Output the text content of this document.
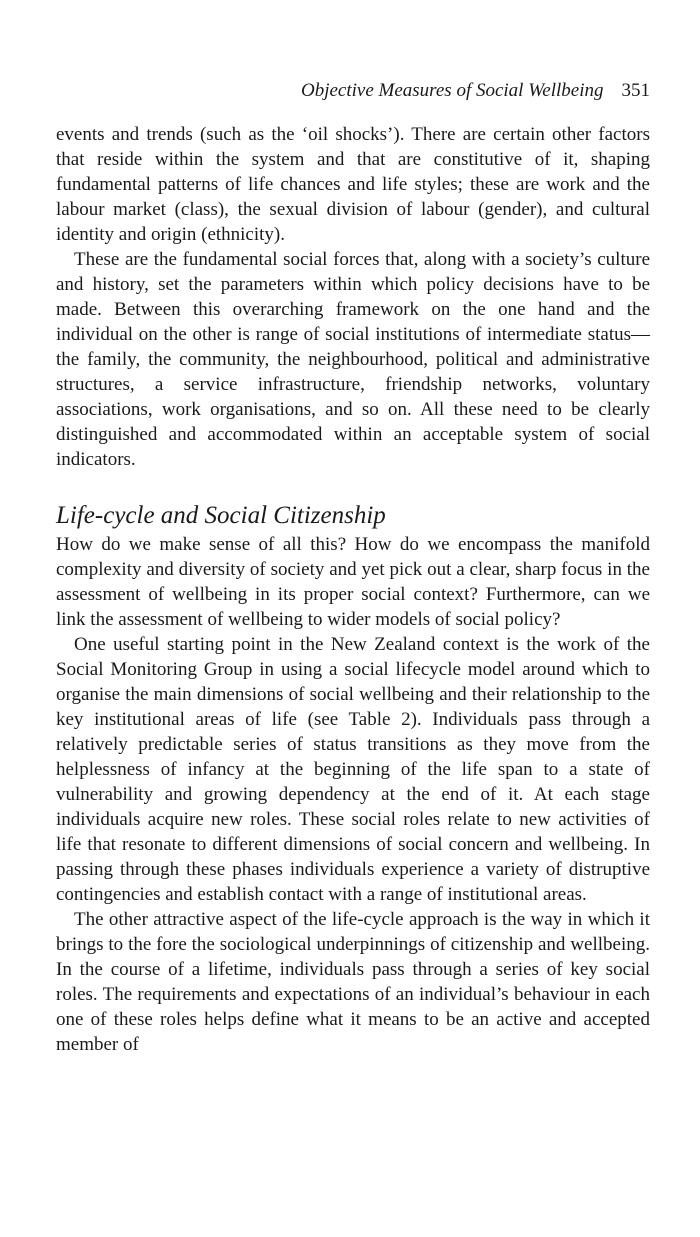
Objective Measures of Social Wellbeing 351

events and trends (such as the ‘oil shocks’). There are certain other factors that reside within the system and that are constitutive of it, shaping fundamental patterns of life chances and life styles; these are work and the labour market (class), the sexual division of labour (gender), and cultural identity and origin (ethnicity).

These are the fundamental social forces that, along with a society’s culture and history, set the parameters within which policy decisions have to be made. Between this overarching framework on the one hand and the individual on the other is range of social institutions of intermediate status—the family, the community, the neighbourhood, political and administrative structures, a service infrastructure, friendship networks, voluntary associations, work organisations, and so on. All these need to be clearly distinguished and accommodated within an acceptable system of social indicators.

Life-cycle and Social Citizenship

How do we make sense of all this? How do we encompass the manifold complexity and diversity of society and yet pick out a clear, sharp focus in the assessment of wellbeing in its proper social context? Furthermore, can we link the assessment of wellbeing to wider models of social policy?

One useful starting point in the New Zealand context is the work of the Social Monitoring Group in using a social lifecycle model around which to organise the main dimensions of social wellbeing and their relationship to the key institutional areas of life (see Table 2). Individuals pass through a relatively predictable series of status transitions as they move from the helplessness of infancy at the beginning of the life span to a state of vulnerability and growing dependency at the end of it. At each stage individuals acquire new roles. These social roles relate to new activities of life that resonate to different dimensions of social concern and wellbeing. In passing through these phases individuals experience a variety of distruptive contingencies and establish contact with a range of institutional areas.

The other attractive aspect of the life-cycle approach is the way in which it brings to the fore the sociological underpinnings of citizenship and wellbeing. In the course of a lifetime, individuals pass through a series of key social roles. The requirements and expectations of an individual’s behaviour in each one of these roles helps define what it means to be an active and accepted member of
